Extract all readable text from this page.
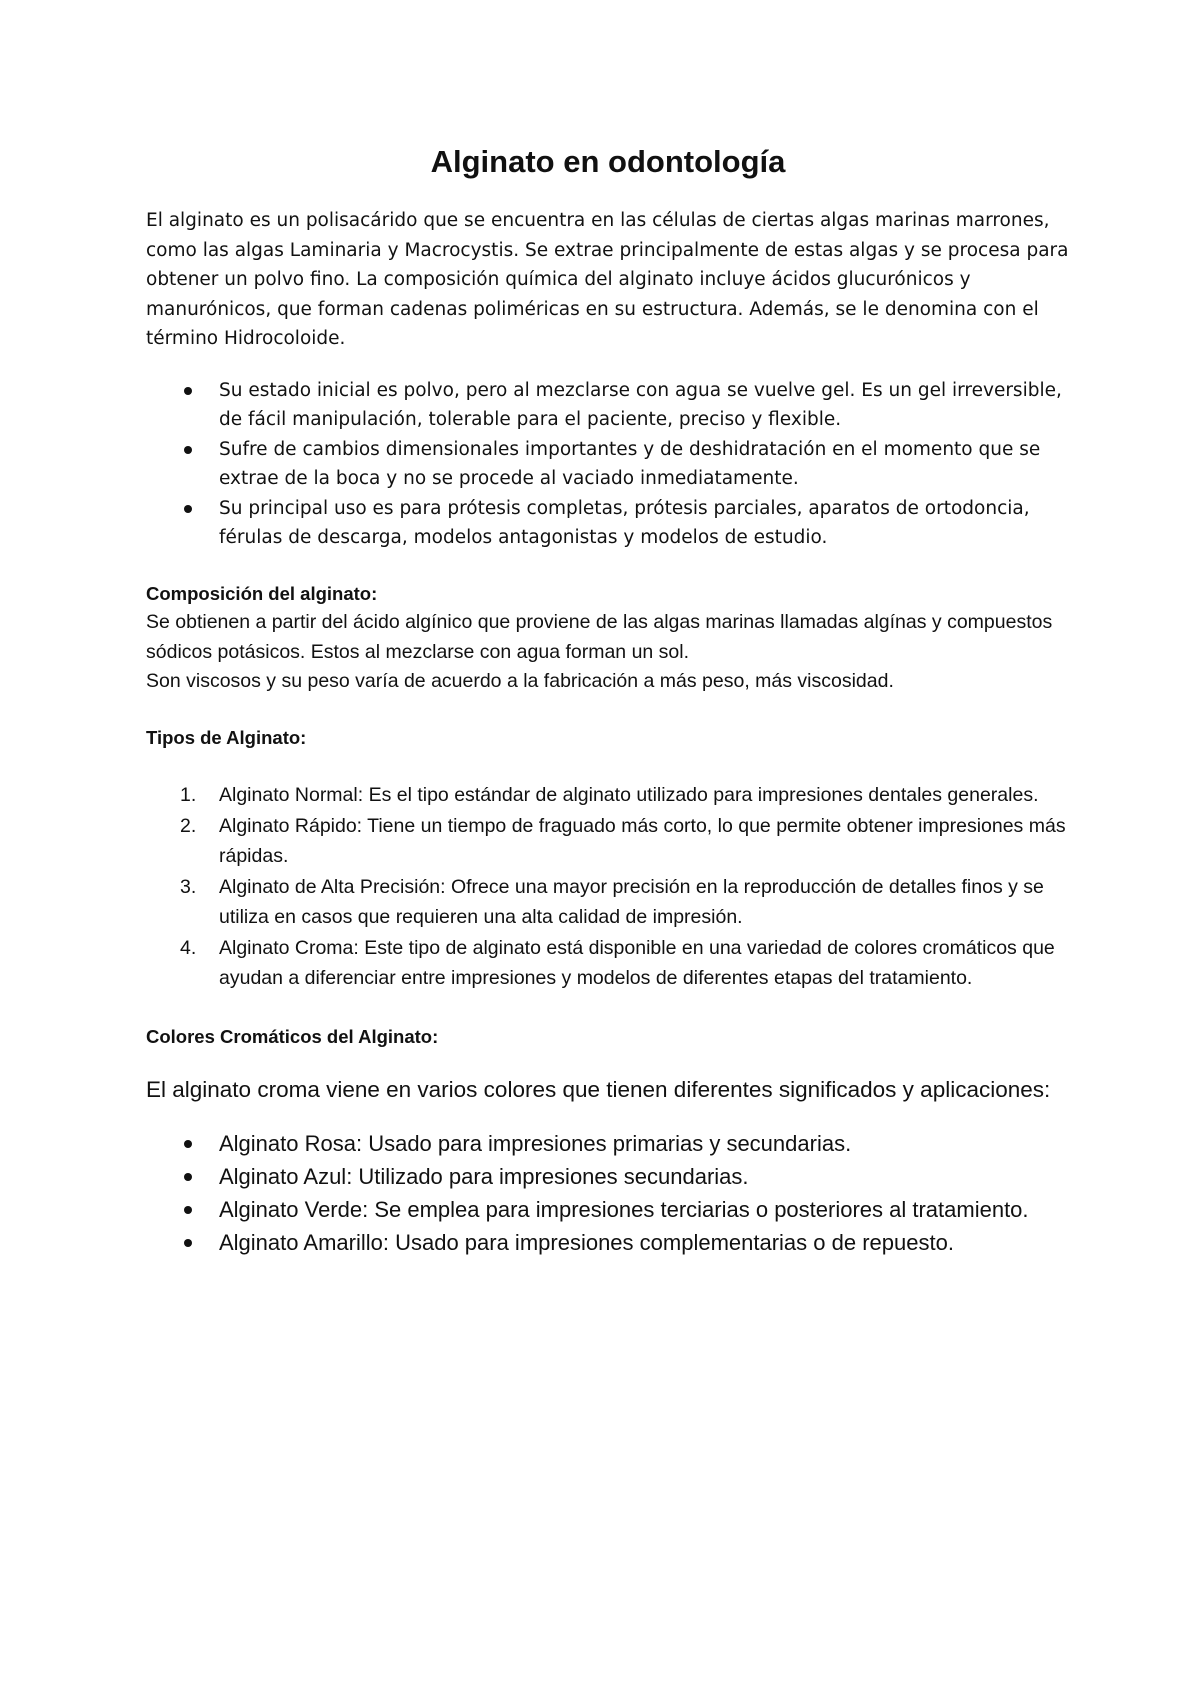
Alginato en odontología

El alginato es un polisacárido que se encuentra en las células de ciertas algas marinas marrones, como las algas Laminaria y Macrocystis. Se extrae principalmente de estas algas y se procesa para obtener un polvo fino. La composición química del alginato incluye ácidos glucurónicos y manurónicos, que forman cadenas poliméricas en su estructura. Además, se le denomina con el término Hidrocoloide.

Su estado inicial es polvo, pero al mezclarse con agua se vuelve gel. Es un gel irreversible, de fácil manipulación, tolerable para el paciente, preciso y flexible.
Sufre de cambios dimensionales importantes y de deshidratación en el momento que se extrae de la boca y no se procede al vaciado inmediatamente.
Su principal uso es para prótesis completas, prótesis parciales, aparatos de ortodoncia, férulas de descarga, modelos antagonistas y modelos de estudio.
Composición del alginato:

Se obtienen a partir del ácido algínico que proviene de las algas marinas llamadas algínas y compuestos sódicos potásicos. Estos al mezclarse con agua forman un sol.

Son viscosos y su peso varía de acuerdo a la fabricación a más peso, más viscosidad.

Tipos de Alginato:
1. Alginato Normal: Es el tipo estándar de alginato utilizado para impresiones dentales generales.
2. Alginato Rápido: Tiene un tiempo de fraguado más corto, lo que permite obtener impresiones más rápidas.
3. Alginato de Alta Precisión: Ofrece una mayor precisión en la reproducción de detalles finos y se utiliza en casos que requieren una alta calidad de impresión.
4. Alginato Croma: Este tipo de alginato está disponible en una variedad de colores cromáticos que ayudan a diferenciar entre impresiones y modelos de diferentes etapas del tratamiento.
Colores Cromáticos del Alginato:

El alginato croma viene en varios colores que tienen diferentes significados y aplicaciones:

Alginato Rosa: Usado para impresiones primarias y secundarias.
Alginato Azul: Utilizado para impresiones secundarias.
Alginato Verde: Se emplea para impresiones terciarias o posteriores al tratamiento.
Alginato Amarillo: Usado para impresiones complementarias o de repuesto.
